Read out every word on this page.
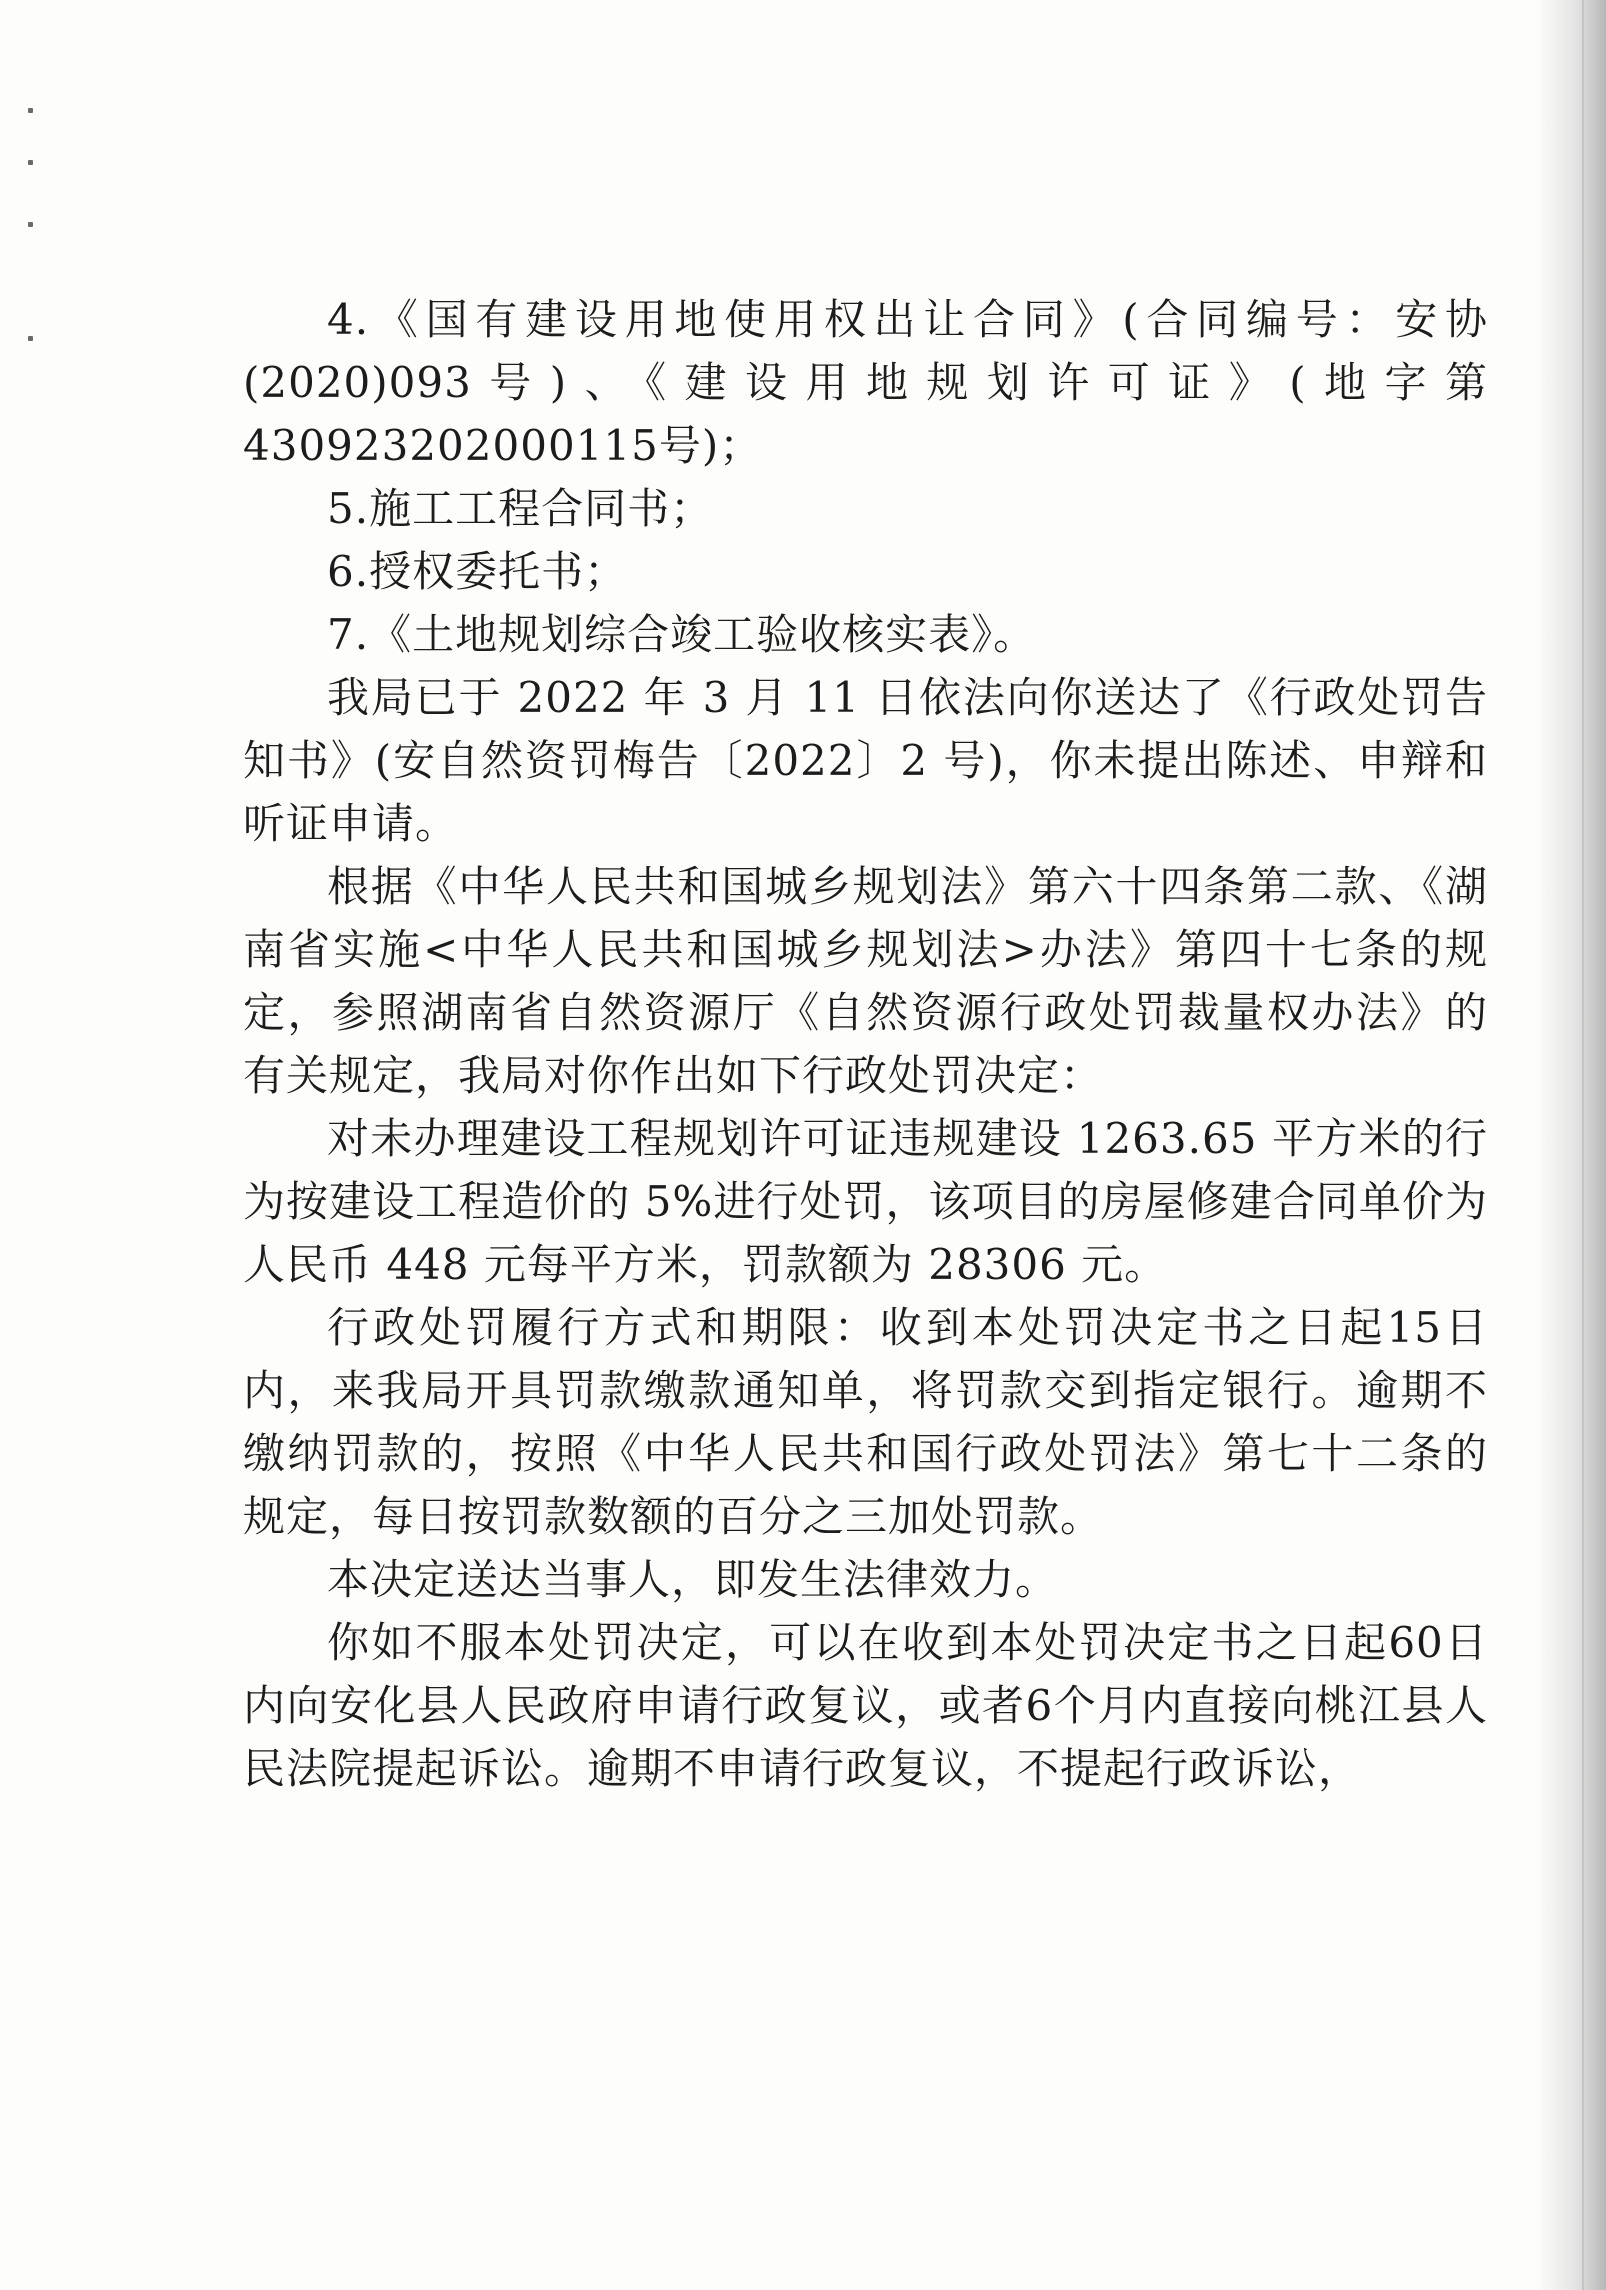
4.《国有建设用地使用权出让合同》(合同编号：安协(2020)093号)、《建设用地规划许可证》(地字第430923202000115号)；

5.施工工程合同书；

6.授权委托书；

7.《土地规划综合竣工验收核实表》。

我局已于 2022 年 3 月 11 日依法向你送达了《行政处罚告知书》(安自然资罚梅告〔2022〕2 号)，你未提出陈述、申辩和听证申请。

根据《中华人民共和国城乡规划法》第六十四条第二款、《湖南省实施<中华人民共和国城乡规划法>办法》第四十七条的规定，参照湖南省自然资源厅《自然资源行政处罚裁量权办法》的有关规定，我局对你作出如下行政处罚决定：

对未办理建设工程规划许可证违规建设 1263.65 平方米的行为按建设工程造价的 5%进行处罚，该项目的房屋修建合同单价为人民币 448 元每平方米，罚款额为 28306 元。

行政处罚履行方式和期限：收到本处罚决定书之日起15日内，来我局开具罚款缴款通知单，将罚款交到指定银行。逾期不缴纳罚款的，按照《中华人民共和国行政处罚法》第七十二条的规定，每日按罚款数额的百分之三加处罚款。

本决定送达当事人，即发生法律效力。

你如不服本处罚决定，可以在收到本处罚决定书之日起60日内向安化县人民政府申请行政复议，或者6个月内直接向桃江县人民法院提起诉讼。逾期不申请行政复议，不提起行政诉讼，
